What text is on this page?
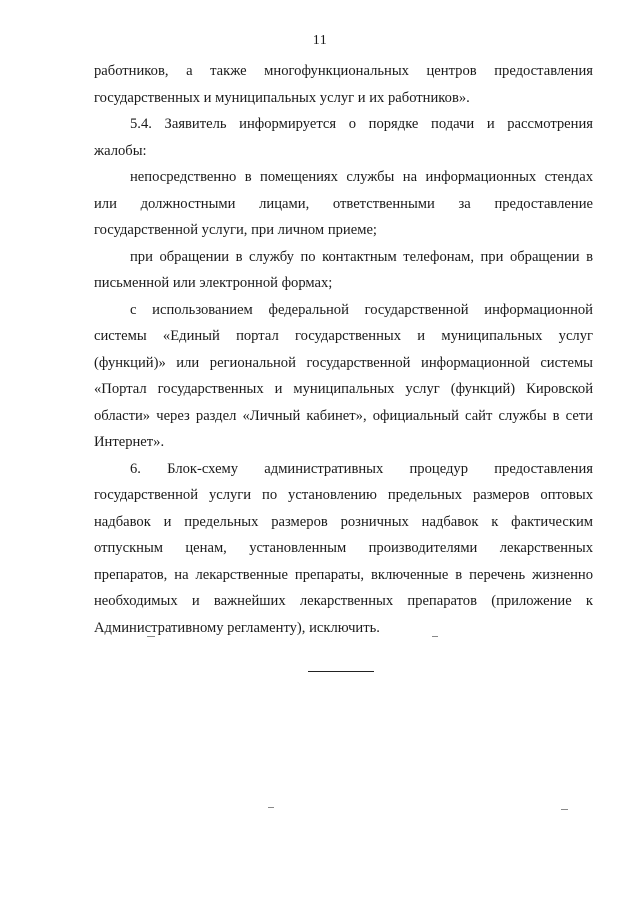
11
работников, а также многофункциональных центров предоставления
государственных и муниципальных услуг и их работников».
5.4. Заявитель информируется о порядке подачи и рассмотрения
жалобы:
непосредственно в помещениях службы на информационных стендах
или должностными лицами, ответственными за предоставление
государственной услуги, при личном приеме;
при обращении в службу по контактным телефонам, при обращении в
письменной или электронной формах;
с использованием федеральной государственной информационной
системы «Единый портал государственных и муниципальных услуг
(функций)» или региональной государственной информационной системы
«Портал государственных и муниципальных услуг (функций) Кировской
области» через раздел «Личный кабинет», официальный сайт службы в сети
Интернет».
6. Блок-схему административных процедур предоставления
государственной услуги по установлению предельных размеров оптовых
надбавок и предельных размеров розничных надбавок к фактическим
отпускным ценам, установленным производителями лекарственных
препаратов, на лекарственные препараты, включенные в перечень жизненно
необходимых и важнейших лекарственных препаратов (приложение к
Административному регламенту), исключить.
